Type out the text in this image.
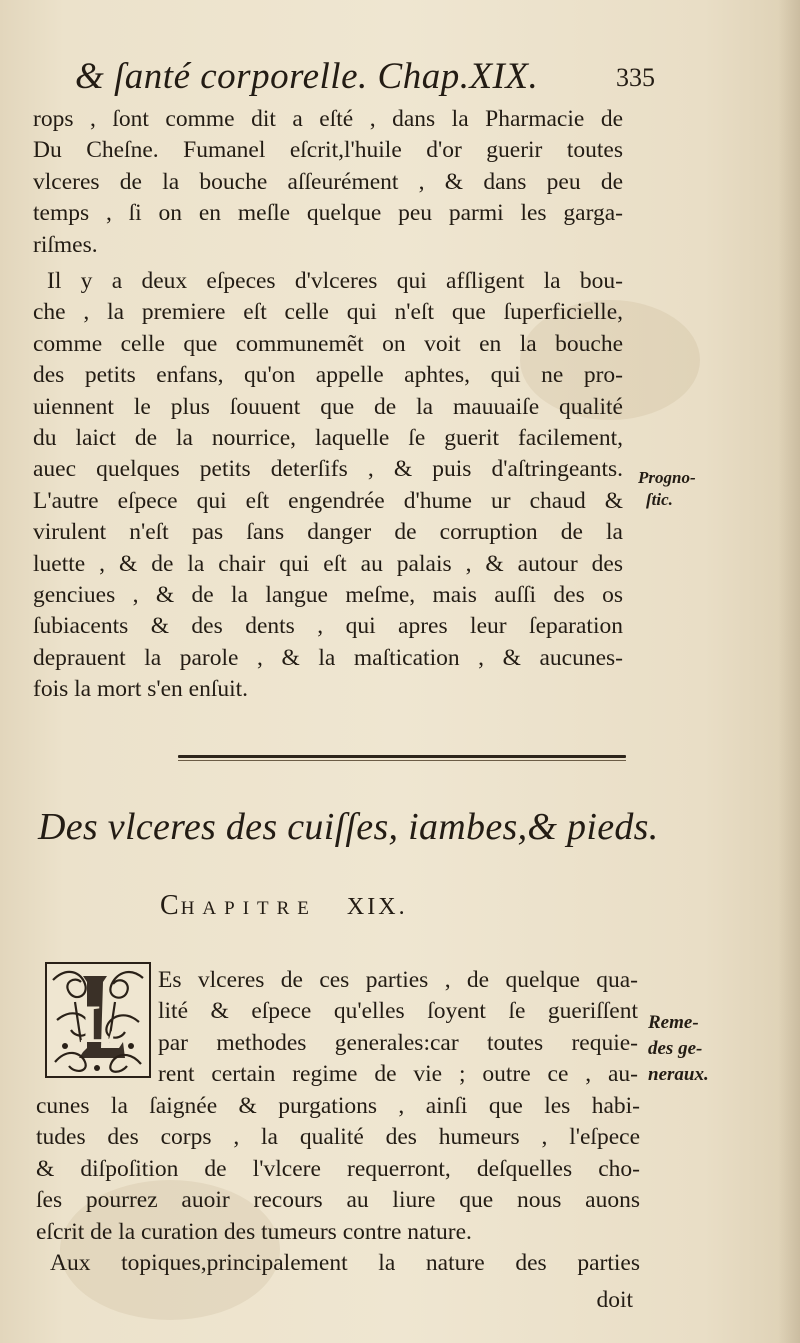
& ſanté corporelle. Chap.XIX.	335
rops , ſont comme dit a eſté , dans la Pharmacie de
Du Cheſne. Fumanel eſcrit,l'huile d'or guerir toutes
vlceres de la bouche aſſeurément , & dans peu de
temps , ſi on en meſle quelque peu parmi les garga-
riſmes.
Il y a deux eſpeces d'vlceres qui afſligent la bou-
che , la premiere eſt celle qui n'eſt que ſuperficielle,
comme celle que communemẽt on voit en la bouche
des petits enfans, qu'on appelle aphtes, qui ne pro-
uiennent le plus ſouuent que de la mauuaiſe qualité
du laict de la nourrice, laquelle ſe guerit facilement,
auec quelques petits deterſifs , & puis d'aſtringeants.
L'autre eſpece qui eſt engendrée d'hume ur chaud &
virulent n'eſt pas ſans danger de corruption de la
luette , & de la chair qui eſt au palais , & autour des
genciues , & de la langue meſme, mais auſſi des os
ſubiacents & des dents , qui apres leur ſeparation
deprauent la parole , & la maſtication , & aucunes-
fois la mort s'en enſuit.
Progno-
ſtic.
Des vlceres des cuiſſes, iambes,& pieds.
CHAPITRE XIX.
L
Es vlceres de ces parties , de quelque qua-
lité & eſpece qu'elles ſoyent ſe gueriſſent
par methodes generales:car toutes requie-
rent certain regime de vie ; outre ce , au-
cunes la ſaignée & purgations , ainſi que les habi-
tudes des corps , la qualité des humeurs , l'eſpece
& diſpoſition de l'vlcere requerront, deſquelles cho-
ſes pourrez auoir recours au liure que nous auons
eſcrit de la curation des tumeurs contre nature.
Aux topiques,principalement la nature des parties
doit
Reme-
des ge-
neraux.
